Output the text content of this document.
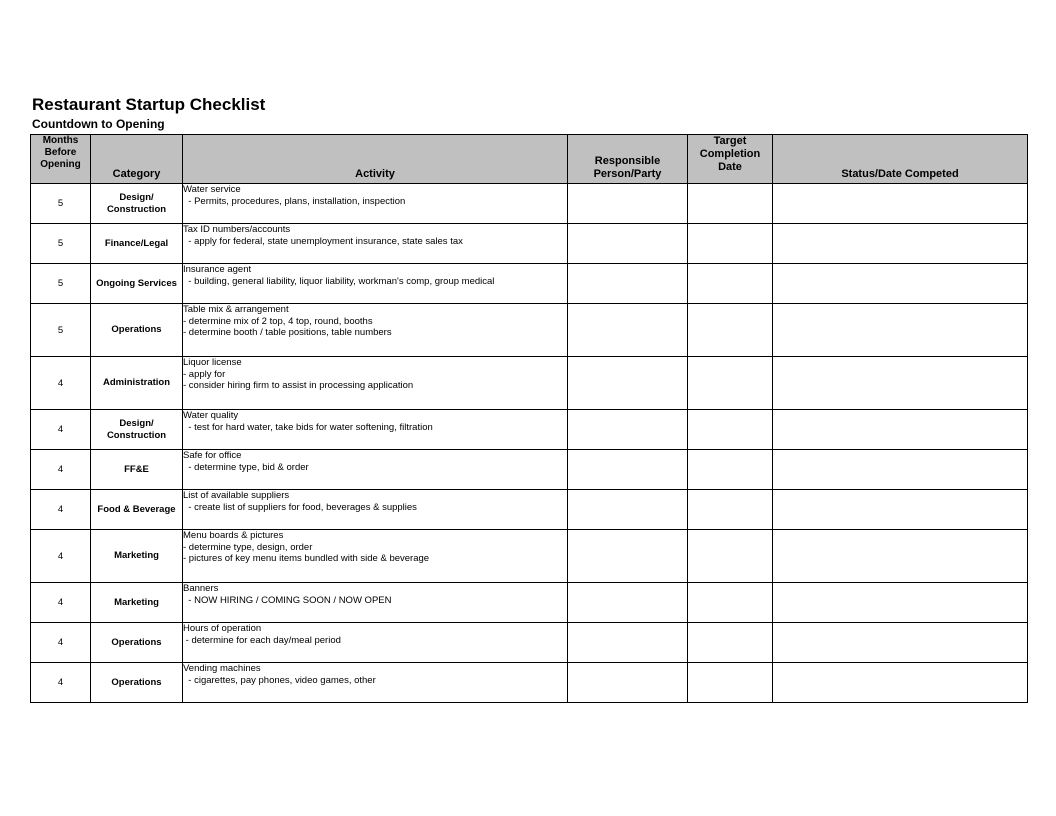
Restaurant Startup Checklist
Countdown to Opening
Months Before Opening	Category	Activity	Responsible Person/Party	Target Completion Date	Status/Date Competed
5	Design/ Construction	Water service
- Permits, procedures, plans, installation, inspection			

5	Finance/Legal	Tax ID numbers/accounts
- apply for federal, state unemployment insurance, state sales tax			

5	Ongoing Services	Insurance agent
- building, general liability, liquor liability, workman's comp, group medical			

5	Operations	Table mix & arrangement
- determine mix of 2 top, 4 top, round, booths
- determine booth / table positions, table numbers			

4	Administration	Liquor license
- apply for
- consider hiring firm to assist in processing application			

4	Design/ Construction	Water quality
- test for hard water, take bids for water softening, filtration			

4	FF&E	Safe for office
- determine type, bid & order			

4	Food & Beverage	List of available suppliers
- create list of suppliers for food, beverages & supplies			

4	Marketing	Menu boards & pictures
- determine type, design, order
- pictures of key menu items bundled with side & beverage			

4	Marketing	Banners
- NOW HIRING / COMING SOON / NOW OPEN			

4	Operations	Hours of operation
- determine for each day/meal period			

4	Operations	Vending machines
- cigarettes, pay phones, video games, other			
